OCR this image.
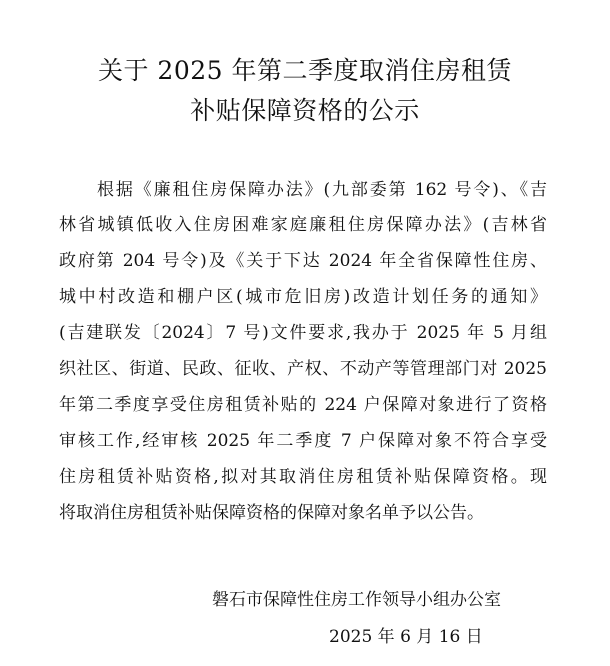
关于 2025 年第二季度取消住房租赁
补贴保障资格的公示
根据《廉租住房保障办法》(九部委第 162 号令)、《吉
林省城镇低收入住房困难家庭廉租住房保障办法》(吉林省
政府第 204 号令)及《关于下达 2024 年全省保障性住房、
城中村改造和棚户区(城市危旧房)改造计划任务的通知》
(吉建联发〔2024〕7 号)文件要求,我办于 2025 年 5 月组
织社区、街道、民政、征收、产权、不动产等管理部门对 2025
年第二季度享受住房租赁补贴的 224 户保障对象进行了资格
审核工作,经审核 2025 年二季度 7 户保障对象不符合享受
住房租赁补贴资格,拟对其取消住房租赁补贴保障资格。现
将取消住房租赁补贴保障资格的保障对象名单予以公告。
磐石市保障性住房工作领导小组办公室
2025 年 6 月 16 日
